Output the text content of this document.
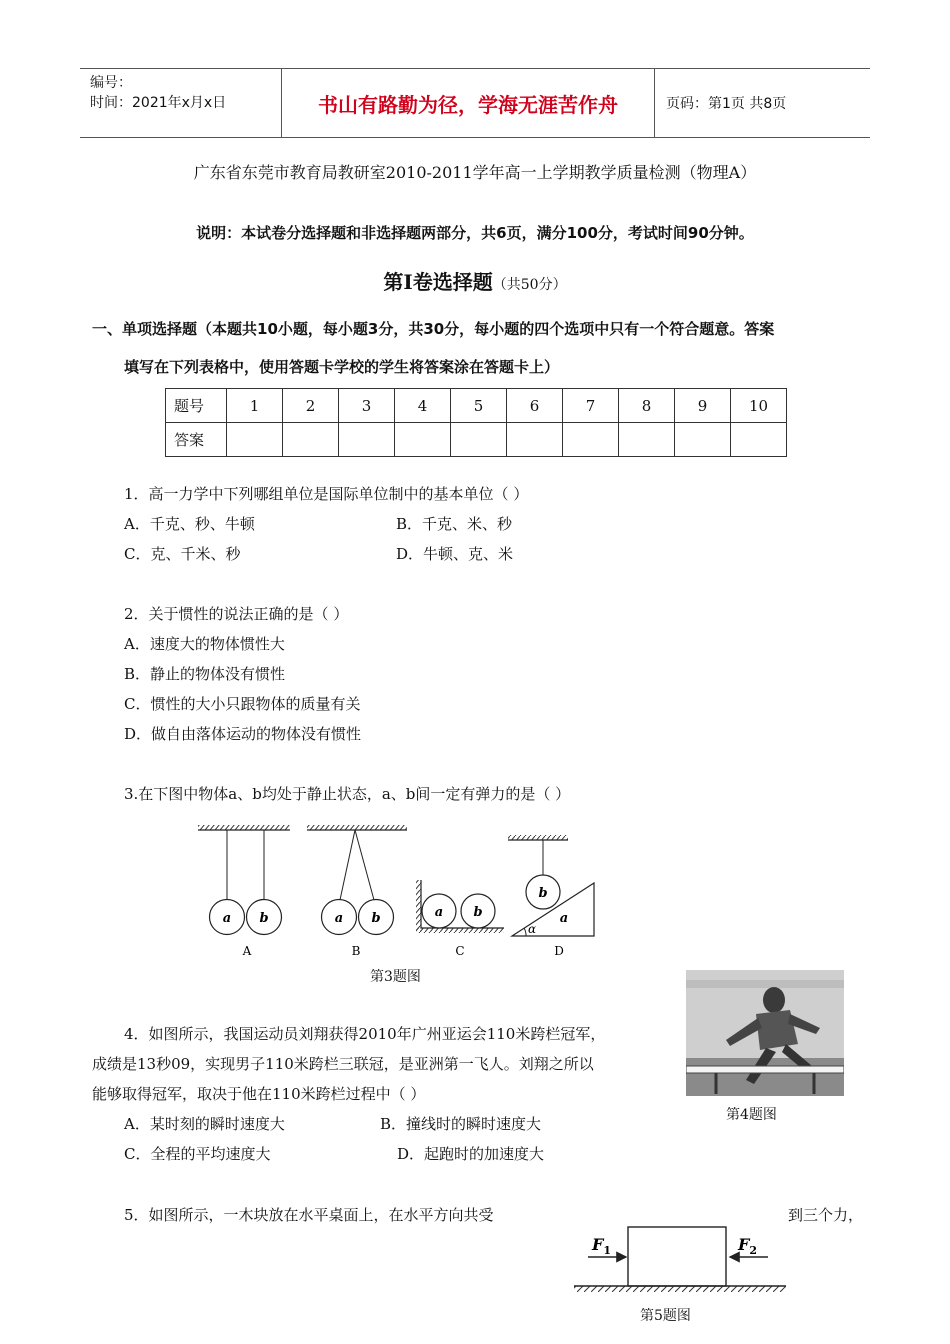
编号：
时间：2021年x月x日	书山有路勤为径，学海无涯苦作舟	页码：第1页 共8页
广东省东莞市教育局教研室2010-2011学年高一上学期教学质量检测（物理A）
说明：本试卷分选择题和非选择题两部分，共6页，满分100分，考试时间90分钟。
第Ⅰ卷选择题（共50分）
一、单项选择题（本题共10小题，每小题3分，共30分，每小题的四个选项中只有一个符合题意。答案
填写在下列表格中，使用答题卡学校的学生将答案涂在答题卡上）
题号	1	2	3	4	5	6	7	8	9	10
答案										
1．高一力学中下列哪组单位是国际单位制中的基本单位（ ）
A．千克、秒、牛顿	B．千克、米、秒
C．克、千米、秒	D．牛顿、克、米
2．关于惯性的说法正确的是（ ）
A．速度大的物体惯性大
B．静止的物体没有惯性
C．惯性的大小只跟物体的质量有关
D．做自由落体运动的物体没有惯性
3.在下图中物体a、b均处于静止状态，a、b间一定有弹力的是（ ）
a b
A
a b
B
a b
C
b
a
α
D
第3题图
第4题图
4．如图所示，我国运动员刘翔获得2010年广州亚运会110米跨栏冠军，
成绩是13秒09，实现男子110米跨栏三联冠，是亚洲第一飞人。刘翔之所以
能够取得冠军，取决于他在110米跨栏过程中（ ）
A．某时刻的瞬时速度大	B．撞线时的瞬时速度大
C．全程的平均速度大	D．起跑时的加速度大
5．如图所示，一木块放在水平桌面上，在水平方向共受	到三个力，
$F_1$	$F_2$
第5题图
